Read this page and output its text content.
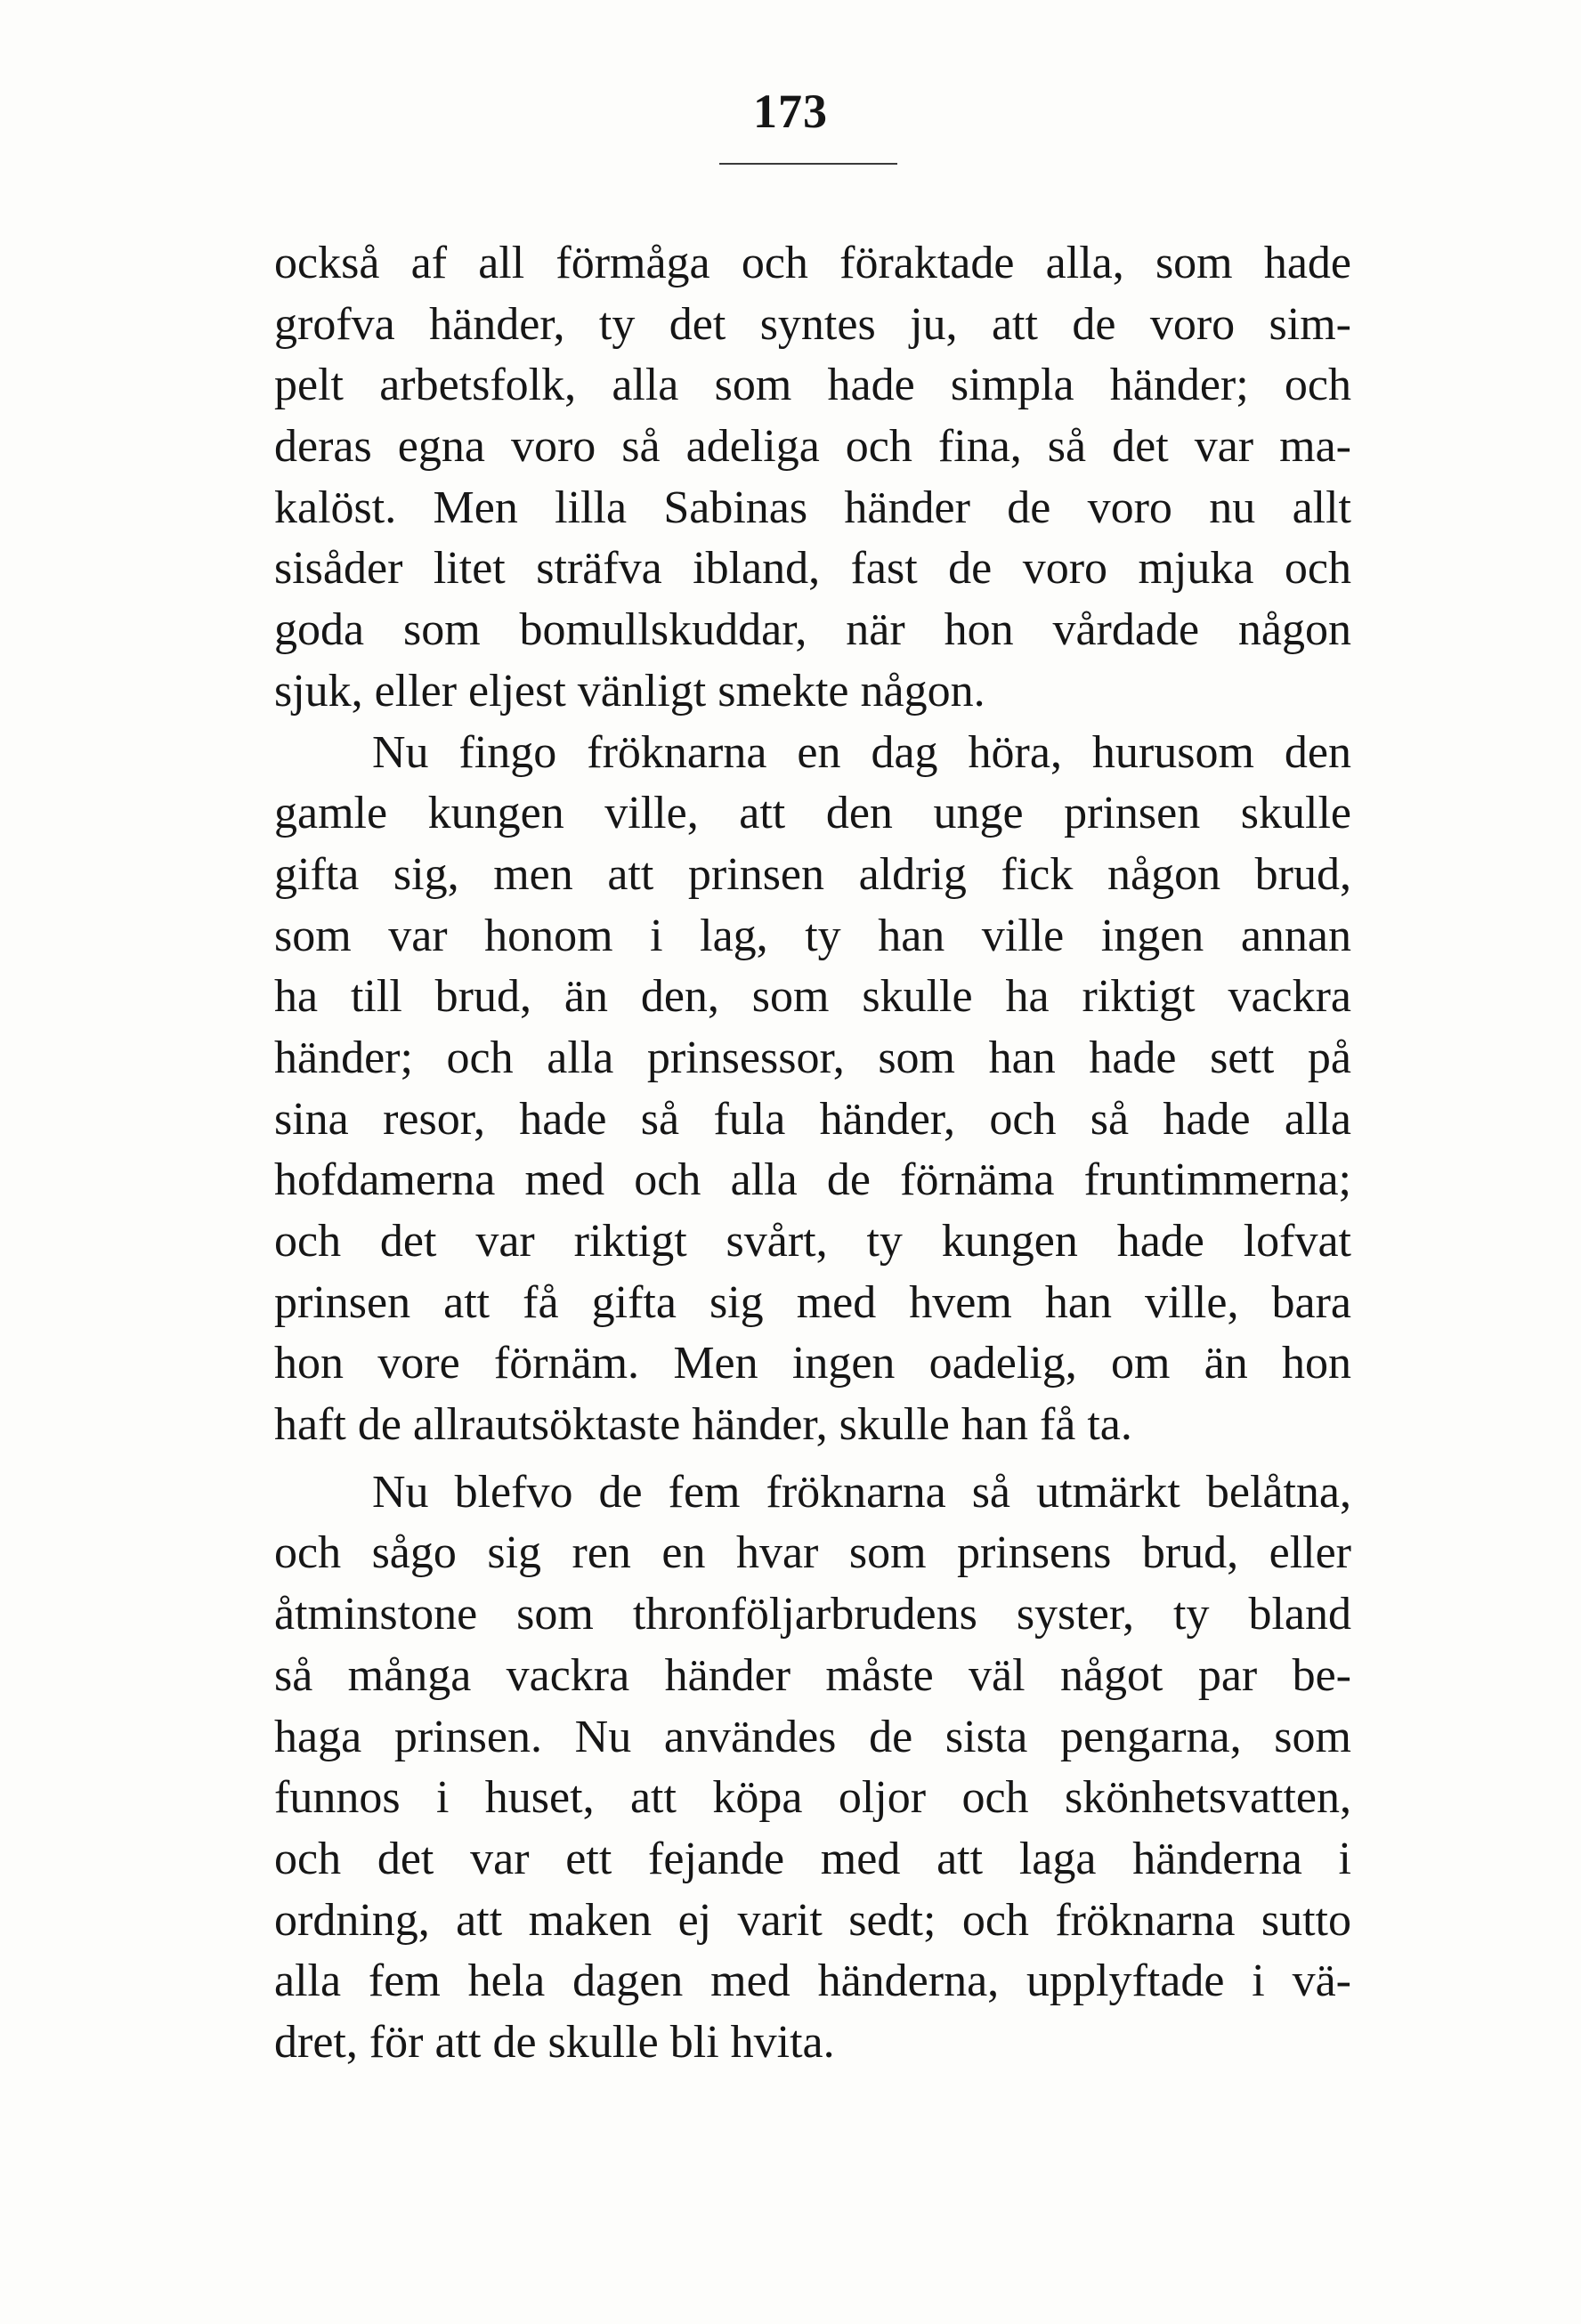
173
också af all förmåga och föraktade alla, som hade
grofva händer, ty det syntes ju, att de voro sim-
pelt arbetsfolk, alla som hade simpla händer; och
deras egna voro så adeliga och fina, så det var ma-
kalöst. Men lilla Sabinas händer de voro nu allt
sisåder litet sträfva ibland, fast de voro mjuka och
goda som bomullskuddar, när hon vårdade någon
sjuk, eller eljest vänligt smekte någon.
Nu fingo fröknarna en dag höra, hurusom den
gamle kungen ville, att den unge prinsen skulle
gifta sig, men att prinsen aldrig fick någon brud,
som var honom i lag, ty han ville ingen annan
ha till brud, än den, som skulle ha riktigt vackra
händer; och alla prinsessor, som han hade sett på
sina resor, hade så fula händer, och så hade alla
hofdamerna med och alla de förnäma fruntimmerna;
och det var riktigt svårt, ty kungen hade lofvat
prinsen att få gifta sig med hvem han ville, bara
hon vore förnäm. Men ingen oadelig, om än hon
haft de allrautsöktaste händer, skulle han få ta.
Nu blefvo de fem fröknarna så utmärkt belåtna,
och sågo sig ren en hvar som prinsens brud, eller
åtminstone som thronföljarbrudens syster, ty bland
så många vackra händer måste väl något par be-
haga prinsen. Nu användes de sista pengarna, som
funnos i huset, att köpa oljor och skönhetsvatten,
och det var ett fejande med att laga händerna i
ordning, att maken ej varit sedt; och fröknarna sutto
alla fem hela dagen med händerna, upplyftade i vä-
dret, för att de skulle bli hvita.
